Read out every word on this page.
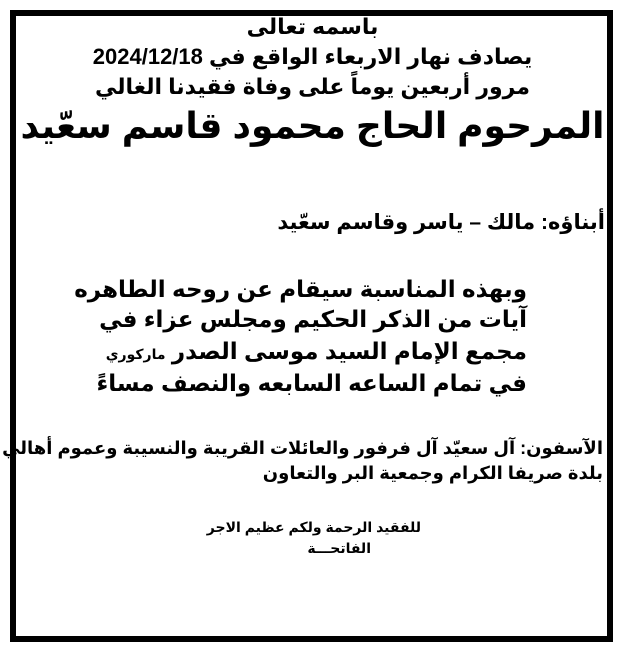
باسمه تعالى
يصادف نهار الاربعاء الواقع في 2024/12/18
مرور أربعين يوماً على وفاة فقيدنا الغالي
المرحوم الحاج محمود قاسم سعّيد
أبناؤه: مالك – ياسر وقاسم سعّيد
وبهذه المناسبة سيقام عن روحه الطاهره
آيات من الذكر الحكيم ومجلس عزاء في
مجمع الإمام السيد موسى الصدر ماركوري
في تمام الساعه السابعه والنصف مساءً
الآسفون: آل سعيّد آل فرفور والعائلات القريبة والنسيبة وعموم أهالي
بلدة صريفا الكرام وجمعية البر والتعاون
للفقيد الرحمة ولكم عظيم الاجر
الفاتحـــة
